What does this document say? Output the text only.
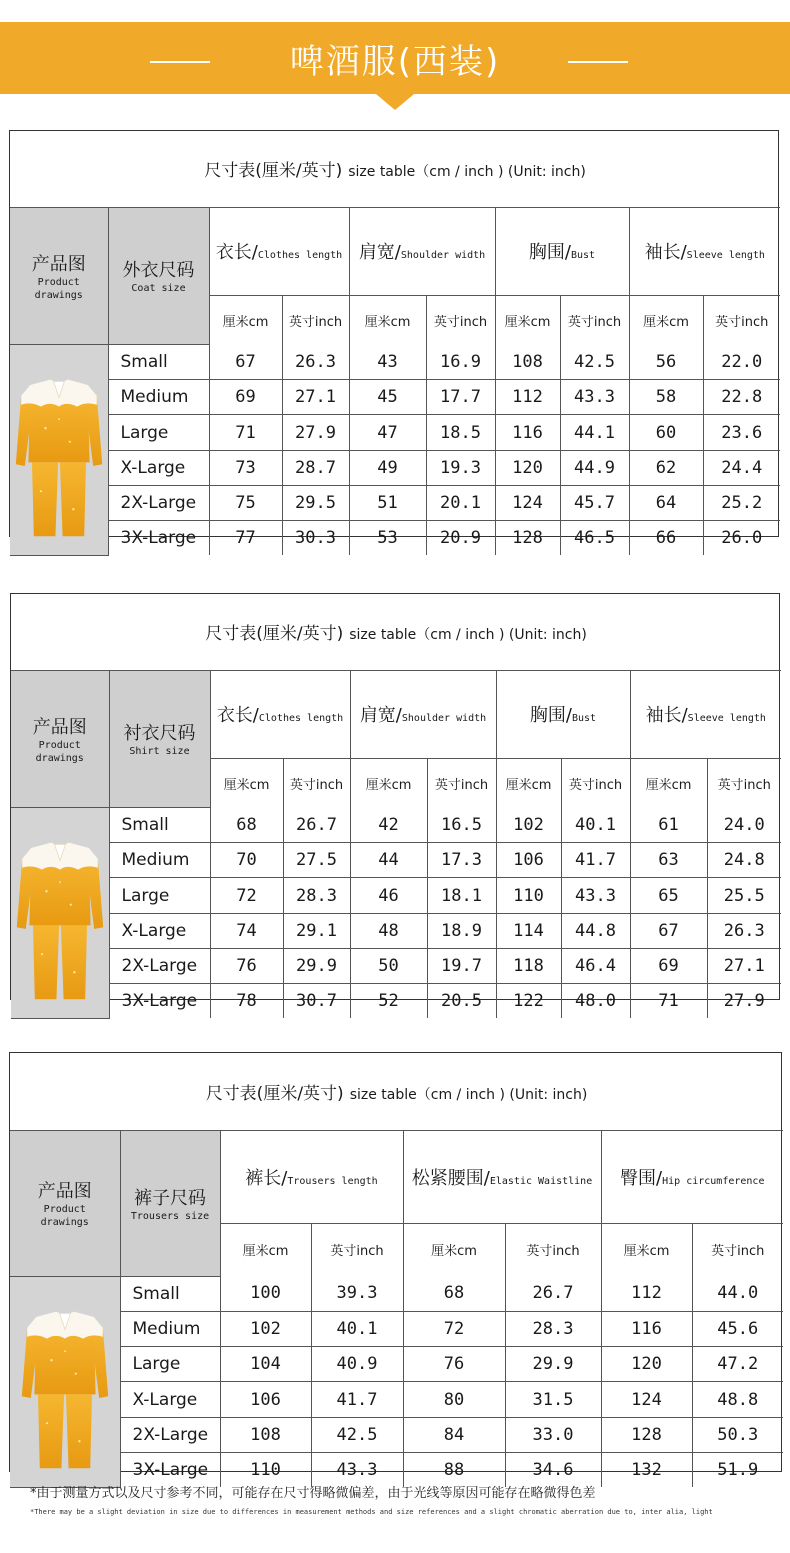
啤酒服(西装)
尺寸表(厘米/英寸) size table（cm / inch ) (Unit: inch)									

产品图
Product drawings	外衣尺码
Coat size	衣长/Clothes length		肩宽/Shoulder width		胸围/Bust		袖长/Sleeve length	
		厘米cm	英寸inch	厘米cm	英寸inch	厘米cm	英寸inch	厘米cm	英寸inch
	Small	67	26.3	43	16.9	108	42.5	56	22.0
	Medium	69	27.1	45	17.7	112	43.3	58	22.8
	Large	71	27.9	47	18.5	116	44.1	60	23.6
	X-Large	73	28.7	49	19.3	120	44.9	62	24.4
	2X-Large	75	29.5	51	20.1	124	45.7	64	25.2
	3X-Large	77	30.3	53	20.9	128	46.5	66	26.0
尺寸表(厘米/英寸) size table（cm / inch ) (Unit: inch)									

产品图
Product drawings	衬衣尺码
Shirt size	衣长/Clothes length		肩宽/Shoulder width		胸围/Bust		袖长/Sleeve length	
		厘米cm	英寸inch	厘米cm	英寸inch	厘米cm	英寸inch	厘米cm	英寸inch
	Small	68	26.7	42	16.5	102	40.1	61	24.0
	Medium	70	27.5	44	17.3	106	41.7	63	24.8
	Large	72	28.3	46	18.1	110	43.3	65	25.5
	X-Large	74	29.1	48	18.9	114	44.8	67	26.3
	2X-Large	76	29.9	50	19.7	118	46.4	69	27.1
	3X-Large	78	30.7	52	20.5	122	48.0	71	27.9
尺寸表(厘米/英寸) size table（cm / inch ) (Unit: inch)							

产品图
Product drawings	裤子尺码
Trousers size	裤长/Trousers length		松紧腰围/Elastic Waistline		臀围/Hip circumference	
		厘米cm	英寸inch	厘米cm	英寸inch	厘米cm	英寸inch
	Small	100	39.3	68	26.7	112	44.0
	Medium	102	40.1	72	28.3	116	45.6
	Large	104	40.9	76	29.9	120	47.2
	X-Large	106	41.7	80	31.5	124	48.8
	2X-Large	108	42.5	84	33.0	128	50.3
	3X-Large	110	43.3	88	34.6	132	51.9
*由于测量方式以及尺寸参考不同，可能存在尺寸得略微偏差，由于光线等原因可能存在略微得色差
*There may be a slight deviation in size due to differences in measurement methods and size references and a slight chromatic aberration due to, inter alia, light
